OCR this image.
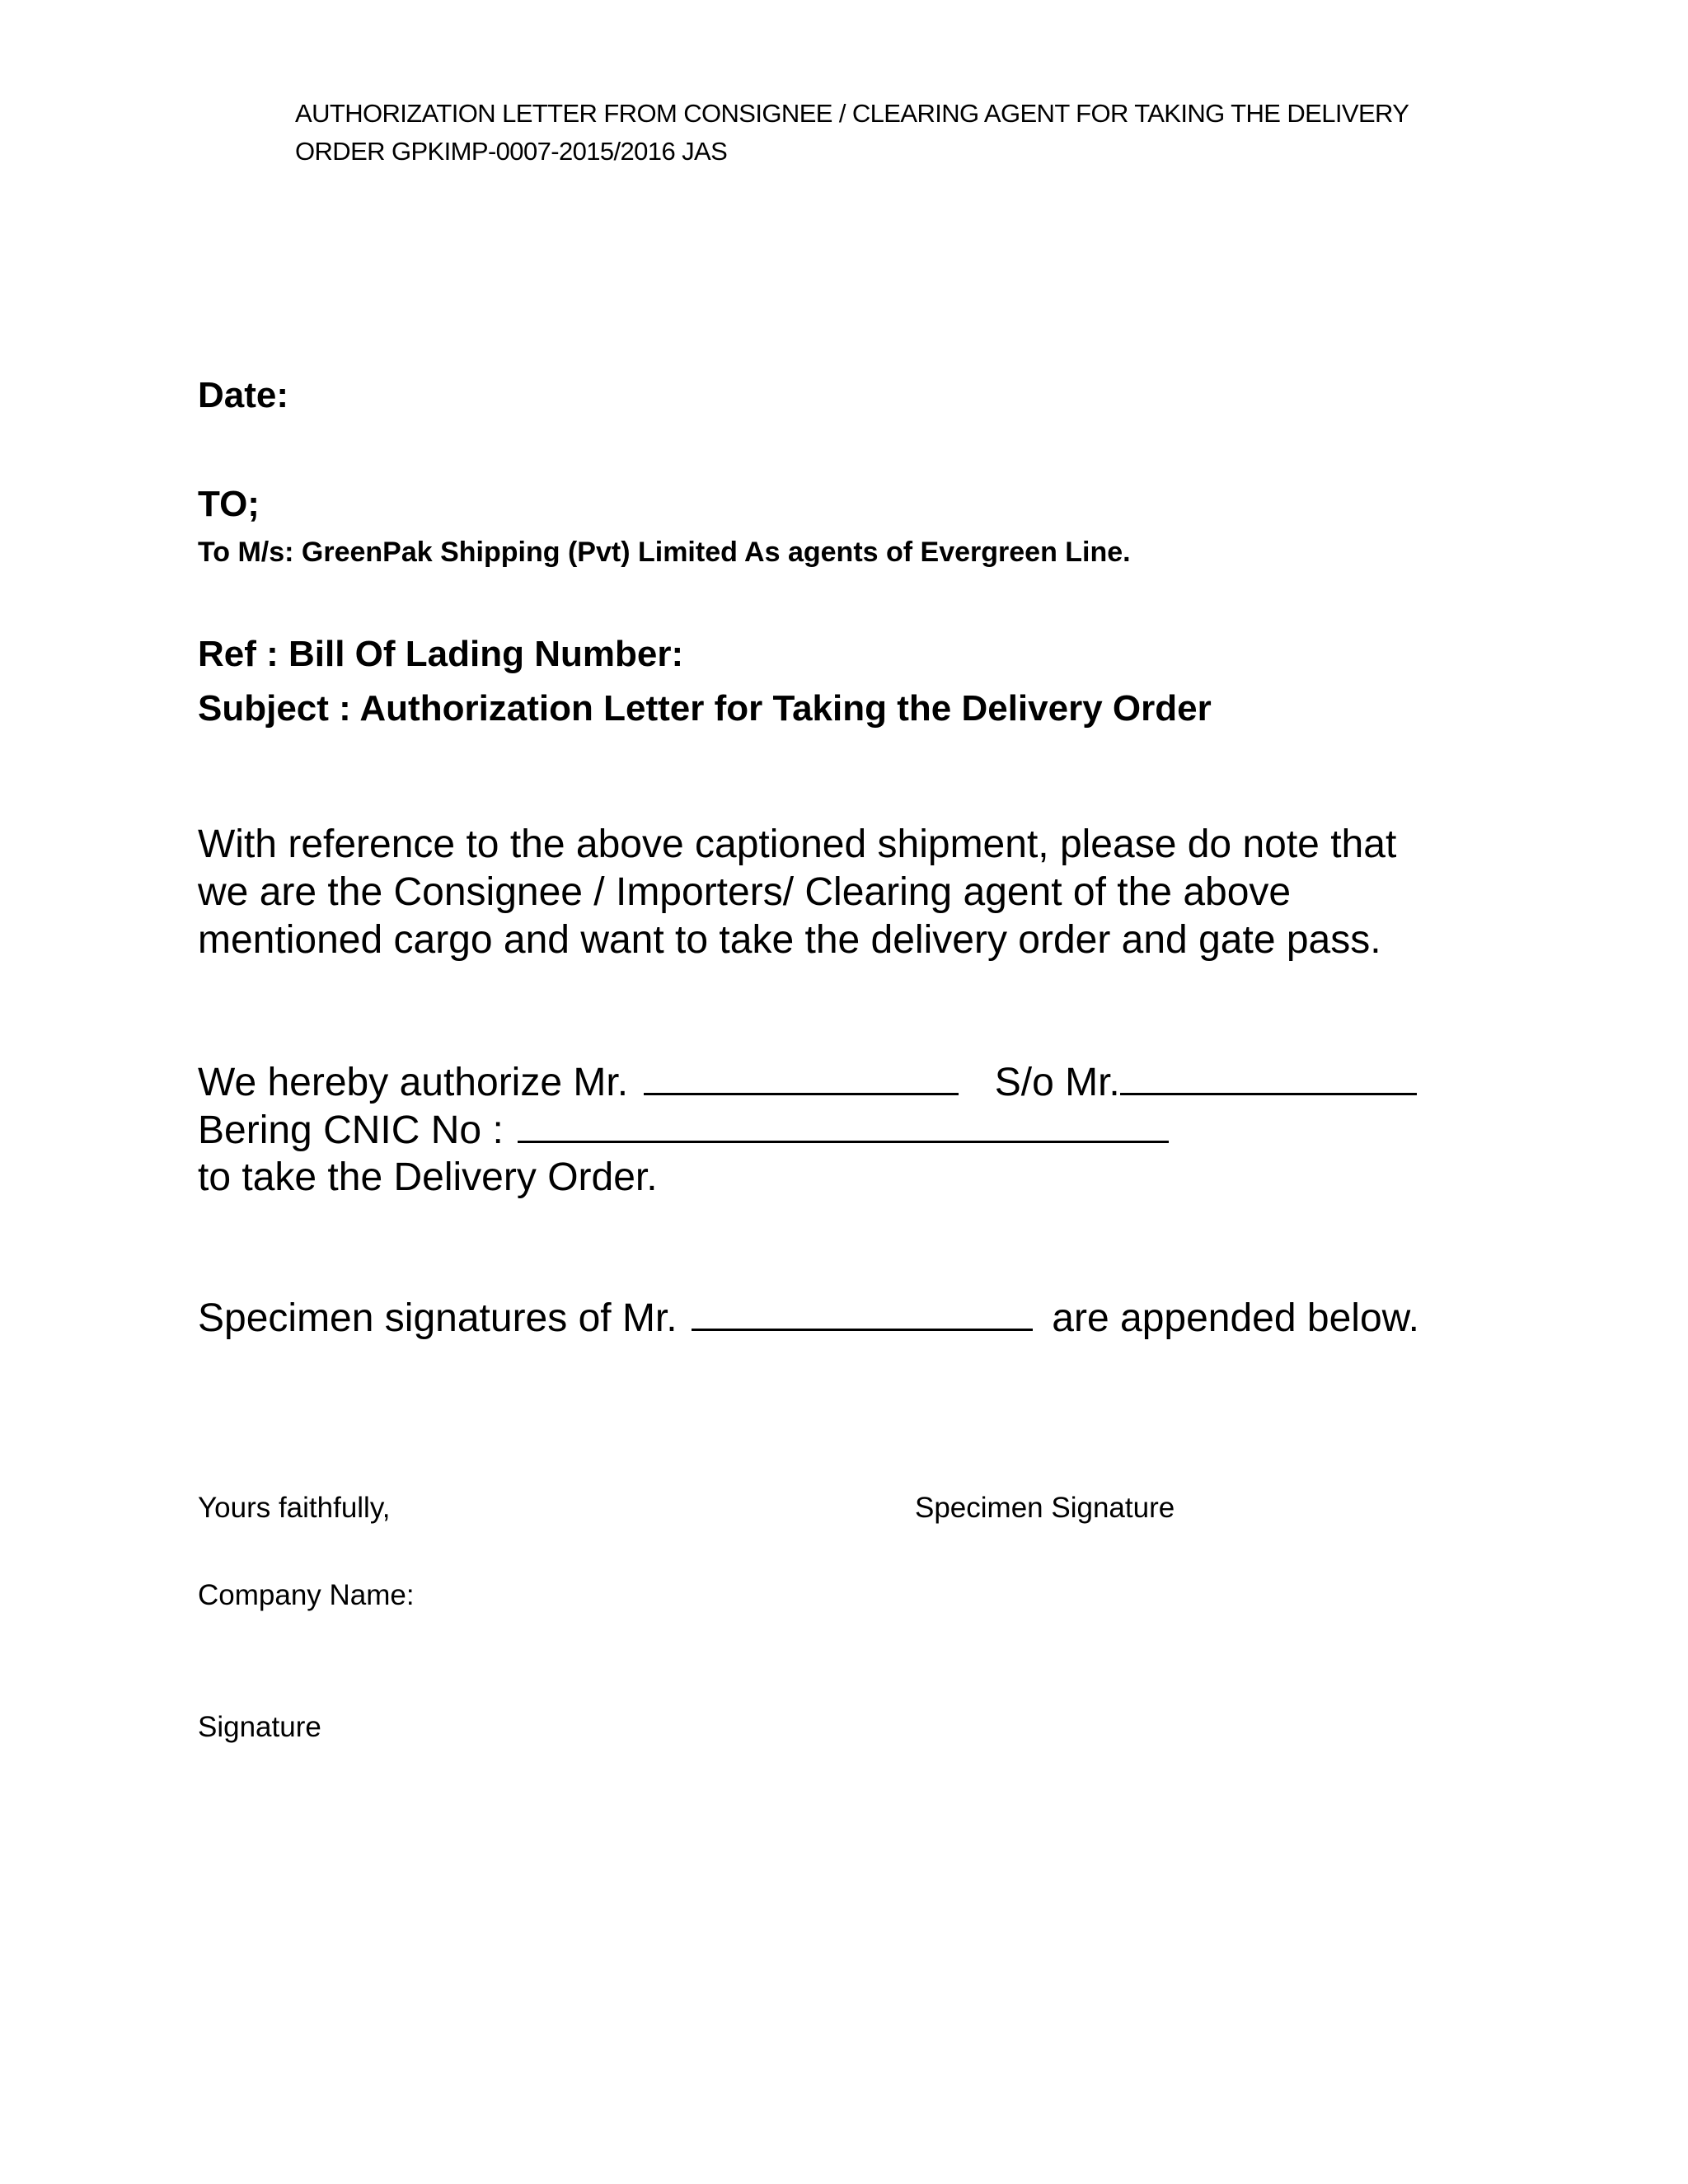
AUTHORIZATION LETTER FROM CONSIGNEE / CLEARING AGENT FOR TAKING THE DELIVERY

ORDER GPKIMP-0007-2015/2016 JAS

Date:

TO;

To M/s: GreenPak Shipping (Pvt) Limited As agents of Evergreen Line.

Ref : Bill Of Lading Number:

Subject : Authorization Letter for Taking the Delivery Order

With reference to the above captioned shipment, please do note that

we are the Consignee / Importers/ Clearing agent of the above

mentioned cargo and want to take the delivery order and gate pass.

We hereby authorize Mr.	S/o Mr.

Bering CNIC No :

to take the Delivery Order.

Specimen signatures of Mr.	are appended below.

Yours faithfully,	Specimen Signature

Company Name:

Signature
